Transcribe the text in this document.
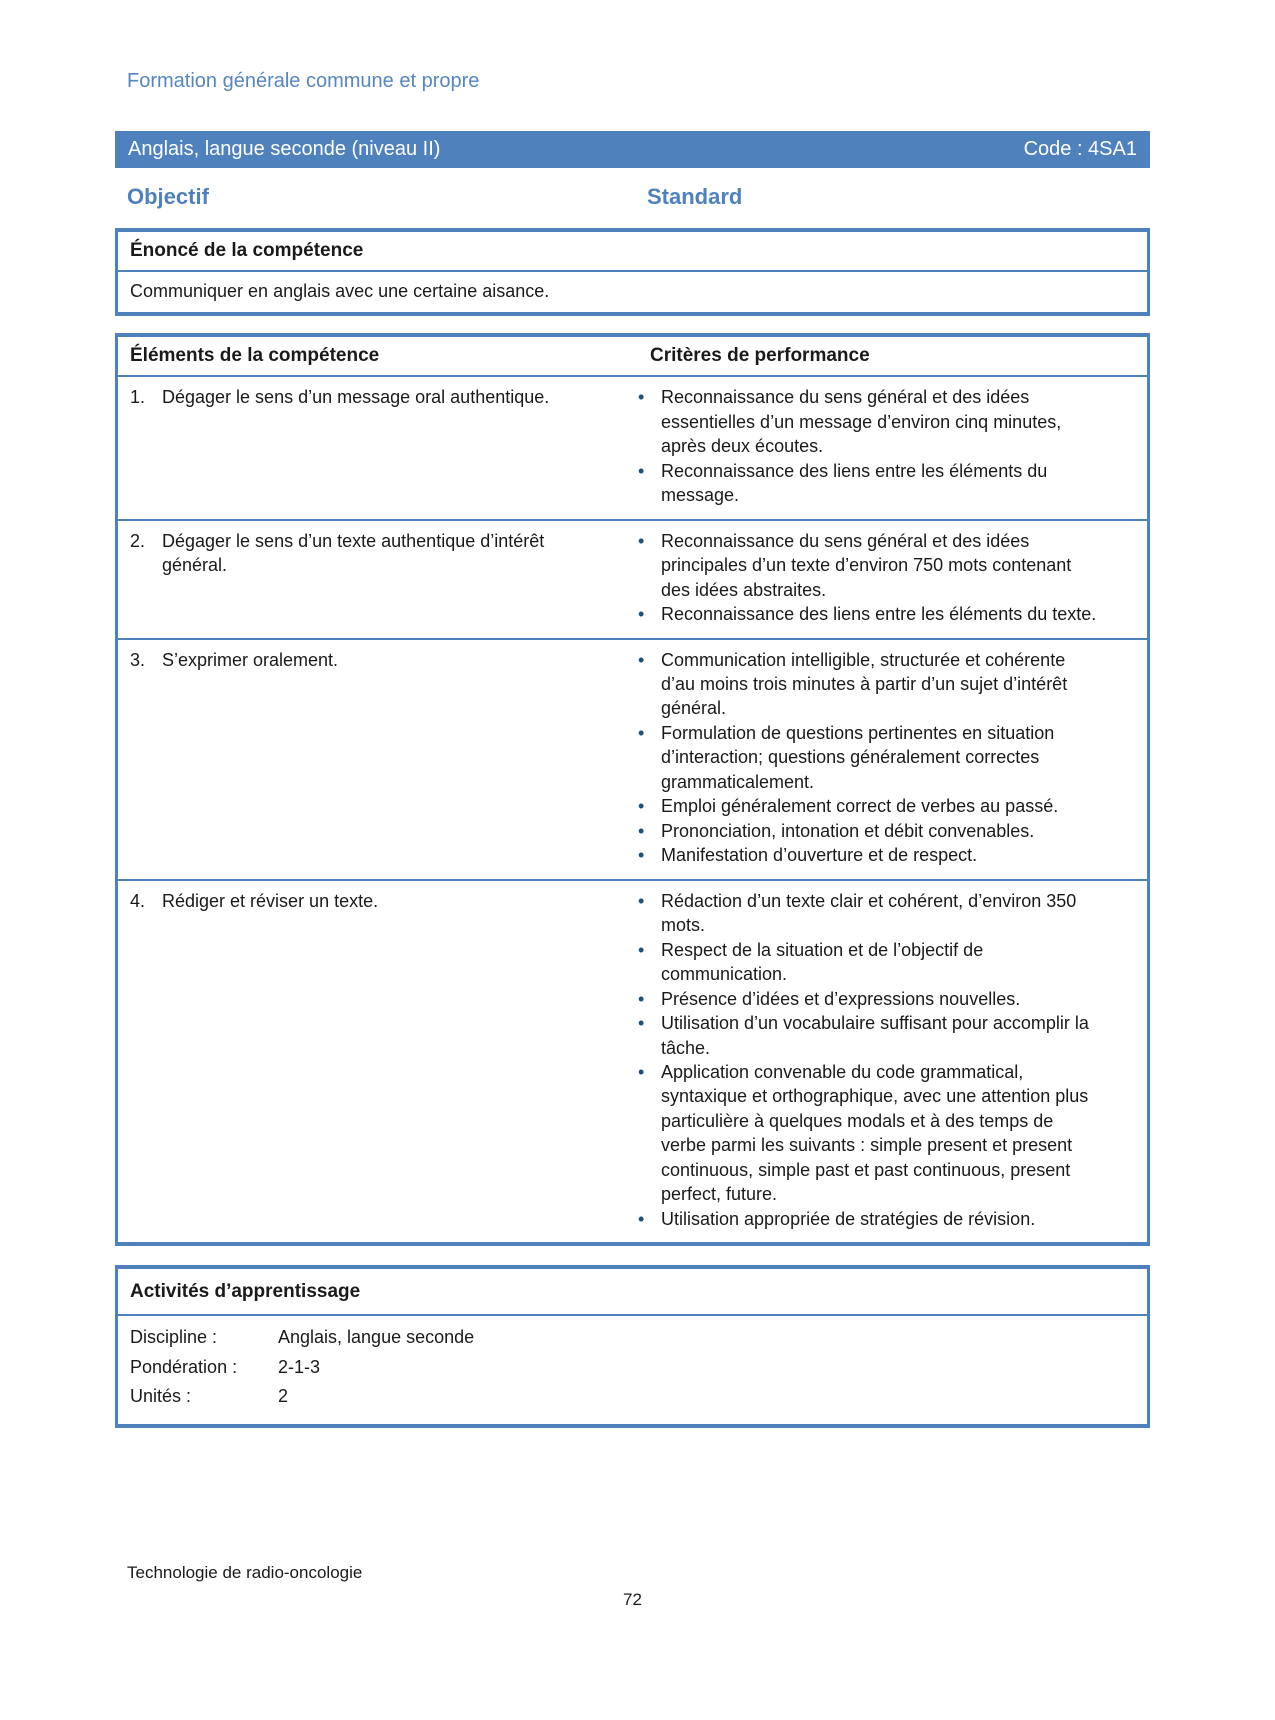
Formation générale commune et propre
Anglais, langue seconde (niveau II)	Code : 4SA1
Objectif	Standard
Énoncé de la compétence
Communiquer en anglais avec une certaine aisance.
Éléments de la compétence	Critères de performance
1. Dégager le sens d’un message oral authentique.	• Reconnaissance du sens général et des idées essentielles d’un message d’environ cinq minutes, après deux écoutes.
• Reconnaissance des liens entre les éléments du message.
2. Dégager le sens d’un texte authentique d’intérêt général.
• Reconnaissance du sens général et des idées principales d’un texte d’environ 750 mots contenant des idées abstraites.
• Reconnaissance des liens entre les éléments du texte.
3. S’exprimer oralement.	• Communication intelligible, structurée et cohérente d’au moins trois minutes à partir d’un sujet d’intérêt général.
• Formulation de questions pertinentes en situation d’interaction; questions généralement correctes grammaticalement.
• Emploi généralement correct de verbes au passé.
• Prononciation, intonation et débit convenables.
• Manifestation d’ouverture et de respect.
4. Rédiger et réviser un texte.	• Rédaction d’un texte clair et cohérent, d’environ 350 mots.
• Respect de la situation et de l’objectif de communication.
• Présence d’idées et d’expressions nouvelles.
• Utilisation d’un vocabulaire suffisant pour accomplir la tâche.
• Application convenable du code grammatical, syntaxique et orthographique, avec une attention plus particulière à quelques modals et à des temps de verbe parmi les suivants : simple present et present continuous, simple past et past continuous, present perfect, future.
• Utilisation appropriée de stratégies de révision.
Activités d’apprentissage
Discipline :	Anglais, langue seconde
Pondération :	2-1-3
Unités :	2
Technologie de radio-oncologie
72
